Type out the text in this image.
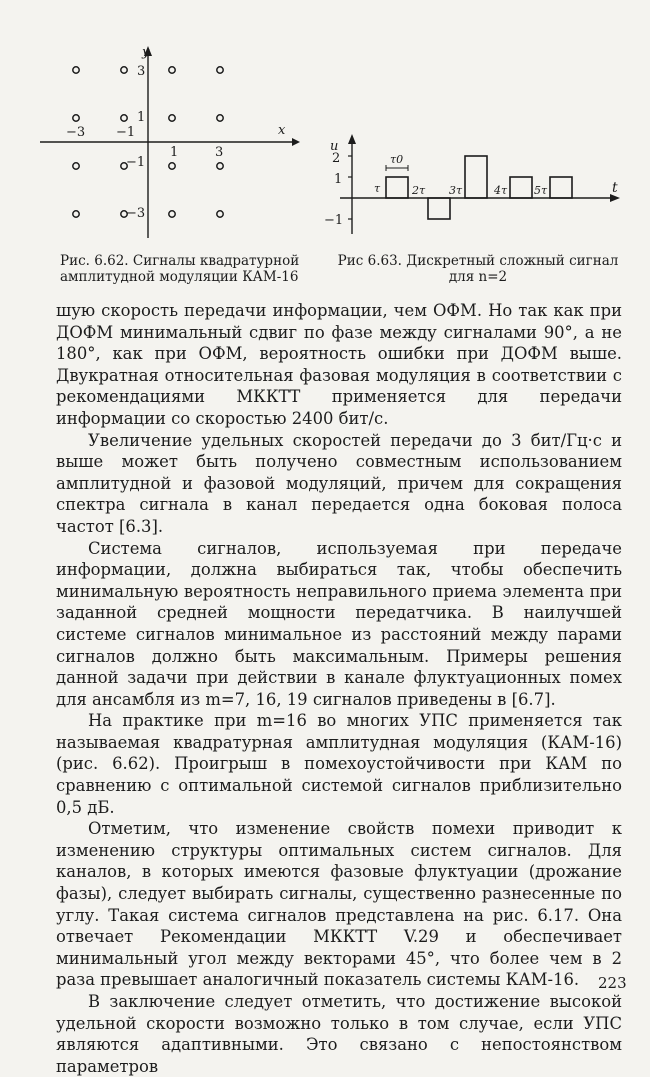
x
y
−3 −1
1	3
3
1
−1
−3
u
t
2
1
−1
τ0
τ	2τ 3τ	4τ 5τ
Рис. 6.62. Сигналы квадратурной амплитудной модуляции КАМ-16
Рис 6.63. Дискретный сложный сигнал
для n=2

шую скорость передачи информации, чем ОФМ. Но так как при ДОФМ минимальный сдвиг по фазе между сигналами 90°, а не 180°, как при ОФМ, вероятность ошибки при ДОФМ выше. Двукратная относительная фазовая модуляция в соответствии с рекомендациями МККТТ применяется для передачи информации со скоростью 2400 бит/с.

Увеличение удельных скоростей передачи до 3 бит/Гц·с и выше может быть получено совместным использованием амплитудной и фазовой модуляций, причем для сокращения спектра сигнала в канал передается одна боковая полоса частот [6.3].

Система сигналов, используемая при передаче информации, должна выбираться так, чтобы обеспечить минимальную вероятность неправильного приема элемента при заданной средней мощности передатчика. В наилучшей системе сигналов минимальное из расстояний между парами сигналов должно быть максимальным. Примеры решения данной задачи при действии в канале флуктуационных помех для ансамбля из m=7, 16, 19 сигналов приведены в [6.7].

На практике при m=16 во многих УПС применяется так называемая квадратурная амплитудная модуляция (КАМ-16) (рис. 6.62). Проигрыш в помехоустойчивости при КАМ по сравнению с оптимальной системой сигналов приблизительно 0,5 дБ.

Отметим, что изменение свойств помехи приводит к изменению структуры оптимальных систем сигналов. Для каналов, в которых имеются фазовые флуктуации (дрожание фазы), следует выбирать сигналы, существенно разнесенные по углу. Такая система сигналов представлена на рис. 6.17. Она отвечает Рекомендации МККТТ V.29 и обеспечивает минимальный угол между векторами 45°, что более чем в 2 раза превышает аналогичный показатель системы КАМ-16.

В заключение следует отметить, что достижение высокой удельной скорости возможно только в том случае, если УПС являются адаптивными. Это связано с непостоянством параметров

223
